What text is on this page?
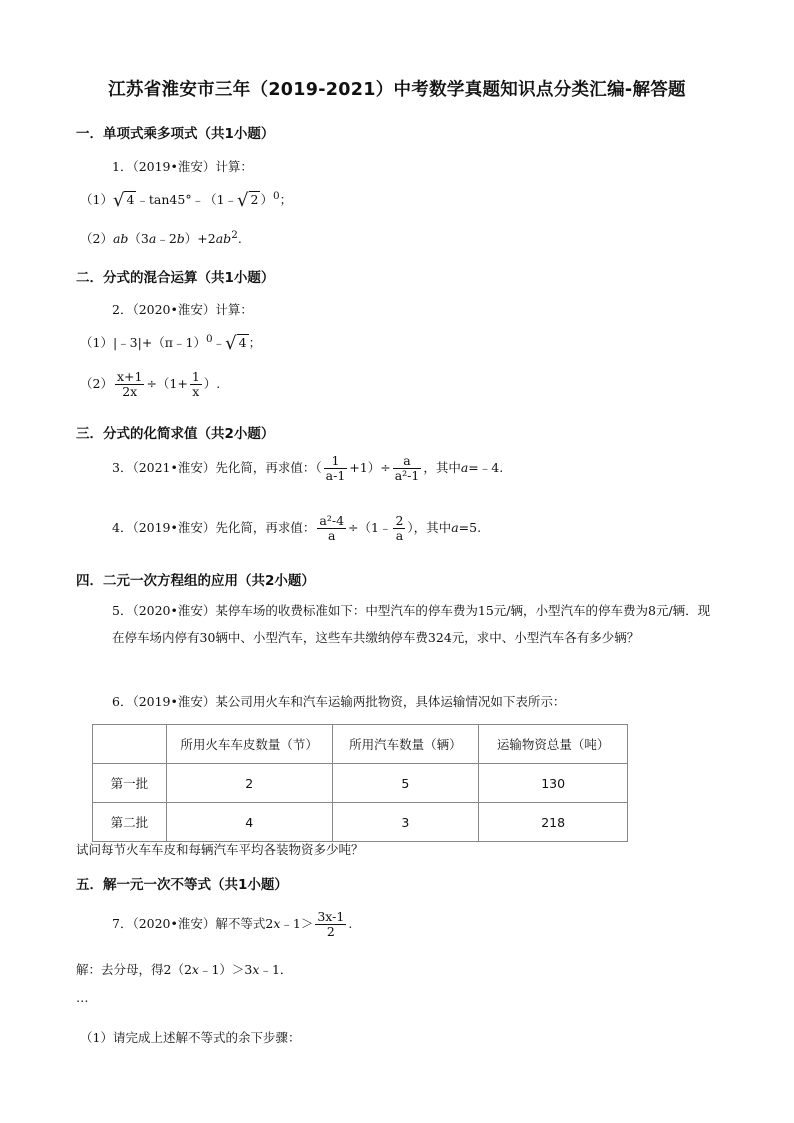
江苏省淮安市三年（2019-2021）中考数学真题知识点分类汇编-解答题
一．单项式乘多项式（共1小题）
1．（2019•淮安）计算：
（1）√ 4 ﹣tan45°﹣（1﹣√ 2 ）$^0$；
$(2)ab(3a﹣2b)+2ab^2$.
二．分式的混合运算（共1小题）
2．（2020•淮安）计算：
（1）|﹣3|+（π﹣1）$^0$﹣√ 4 ；
$(2) \frac{x+1}{2x} \div(1+ \frac{1}{x}$ ）.
三．分式的化简求值（共2小题）
3．（2021•淮安）先化简，再求值：（ $\frac{1}{a-1} +1)\div \frac{a}{\text{a²-1}}$ ，其中a=﹣4.
4．（2019•淮安）先化简，再求值： $\frac{\text{a²-4}}{a}$ ÷（1﹣ $\frac{2}{a}$ ），其中a=5.
四．二元一次方程组的应用（共2小题）
5．（2020•淮安）某停车场的收费标准如下：中型汽车的停车费为15元/辆，小型汽车的停车费为8元/辆．现在停车场内停有30辆中、小型汽车，这些车共缴纳停车费324元，求中、小型汽车各有多少辆？
6．（2019•淮安）某公司用火车和汽车运输两批物资，具体运输情况如下表所示：
	所用火车车皮数量（节）	所用汽车数量（辆）	运输物资总量（吨）
第一批	2	5	130
第二批	4	3	218
试问每节火车车皮和每辆汽车平均各装物资多少吨？
五．解一元一次不等式（共1小题）
7．（2020•淮安）解不等式2x﹣1＞ $\frac{3x-1}{2}$ .
解：去分母，得2（2x﹣1）＞3x﹣1．
…
（1）请完成上述解不等式的余下步骤：
